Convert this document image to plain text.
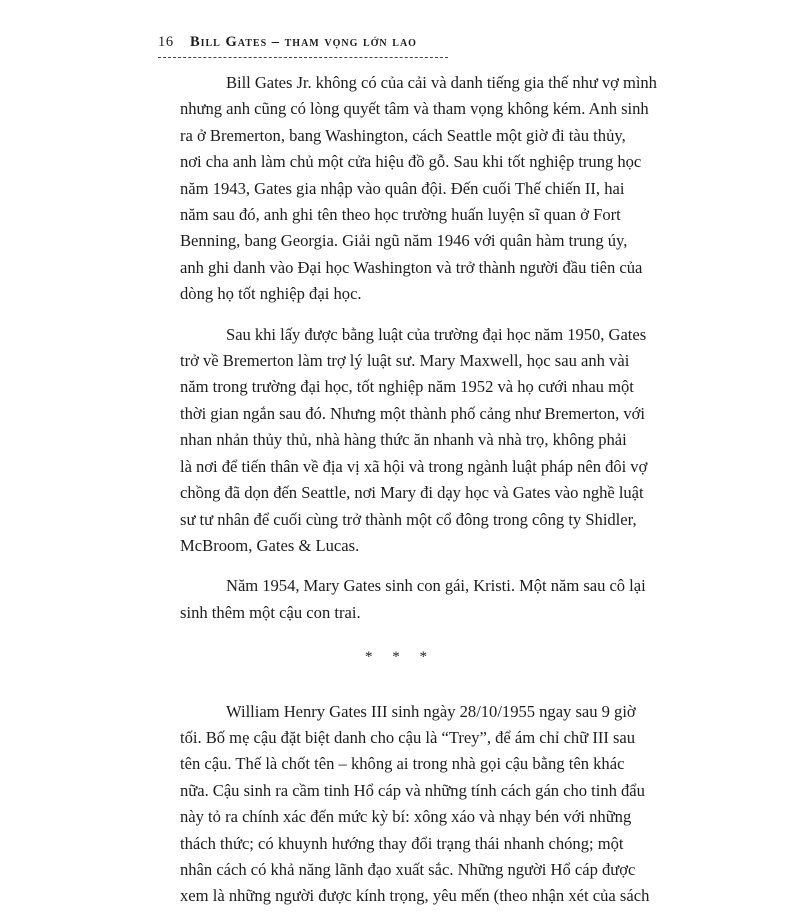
16 Bill Gates – tham vọng lớn lao
Bill Gates Jr. không có của cải và danh tiếng gia thế như vợ mình
nhưng anh cũng có lòng quyết tâm và tham vọng không kém. Anh sinh
ra ở Bremerton, bang Washington, cách Seattle một giờ đi tàu thủy,
nơi cha anh làm chủ một cửa hiệu đồ gỗ. Sau khi tốt nghiệp trung học
năm 1943, Gates gia nhập vào quân đội. Đến cuối Thế chiến II, hai
năm sau đó, anh ghi tên theo học trường huấn luyện sĩ quan ở Fort
Benning, bang Georgia. Giải ngũ năm 1946 với quân hàm trung úy,
anh ghi danh vào Đại học Washington và trở thành người đầu tiên của
dòng họ tốt nghiệp đại học.
Sau khi lấy được bằng luật của trường đại học năm 1950, Gates
trở về Bremerton làm trợ lý luật sư. Mary Maxwell, học sau anh vài
năm trong trường đại học, tốt nghiệp năm 1952 và họ cưới nhau một
thời gian ngắn sau đó. Nhưng một thành phố cảng như Bremerton, với
nhan nhản thủy thủ, nhà hàng thức ăn nhanh và nhà trọ, không phải
là nơi để tiến thân về địa vị xã hội và trong ngành luật pháp nên đôi vợ
chồng đã dọn đến Seattle, nơi Mary đi dạy học và Gates vào nghề luật
sư tư nhân để cuối cùng trở thành một cổ đông trong công ty Shidler,
McBroom, Gates & Lucas.
Năm 1954, Mary Gates sinh con gái, Kristi. Một năm sau cô lại
sinh thêm một cậu con trai.
* * *
William Henry Gates III sinh ngày 28/10/1955 ngay sau 9 giờ
tối. Bố mẹ cậu đặt biệt danh cho cậu là “Trey”, để ám chỉ chữ III sau
tên cậu. Thế là chốt tên – không ai trong nhà gọi cậu bằng tên khác
nữa. Cậu sinh ra cầm tinh Hổ cáp và những tính cách gán cho tinh đẩu
này tỏ ra chính xác đến mức kỳ bí: xông xáo và nhạy bén với những
thách thức; có khuynh hướng thay đổi trạng thái nhanh chóng; một
nhân cách có khả năng lãnh đạo xuất sắc. Những người Hổ cáp được
xem là những người được kính trọng, yêu mến (theo nhận xét của sách
